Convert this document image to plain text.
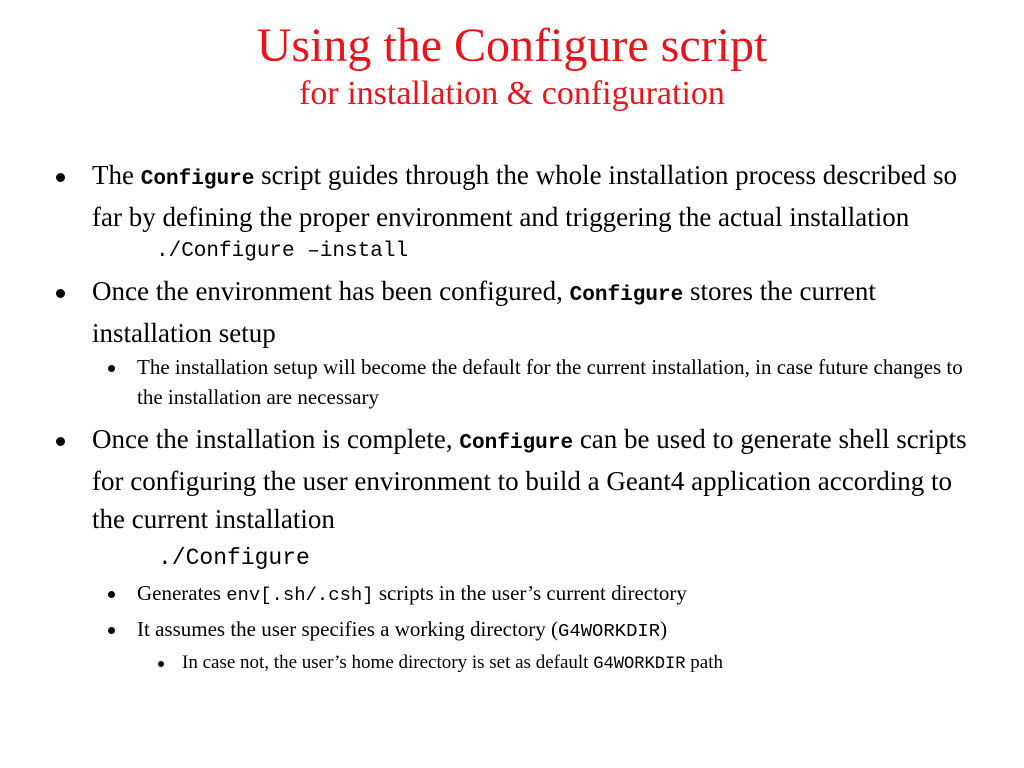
Using the Configure script
for installation & configuration
The Configure script guides through the whole installation process described so far by defining the proper environment and triggering the actual installation
./Configure –install
Once the environment has been configured, Configure stores the current installation setup
The installation setup will become the default for the current installation, in case future changes to the installation are necessary
Once the installation is complete, Configure can be used to generate shell scripts for configuring the user environment to build a Geant4 application according to the current installation
./Configure
Generates env[.sh/.csh] scripts in the user’s current directory
It assumes the user specifies a working directory (G4WORKDIR)
In case not, the user’s home directory is set as default G4WORKDIR path
